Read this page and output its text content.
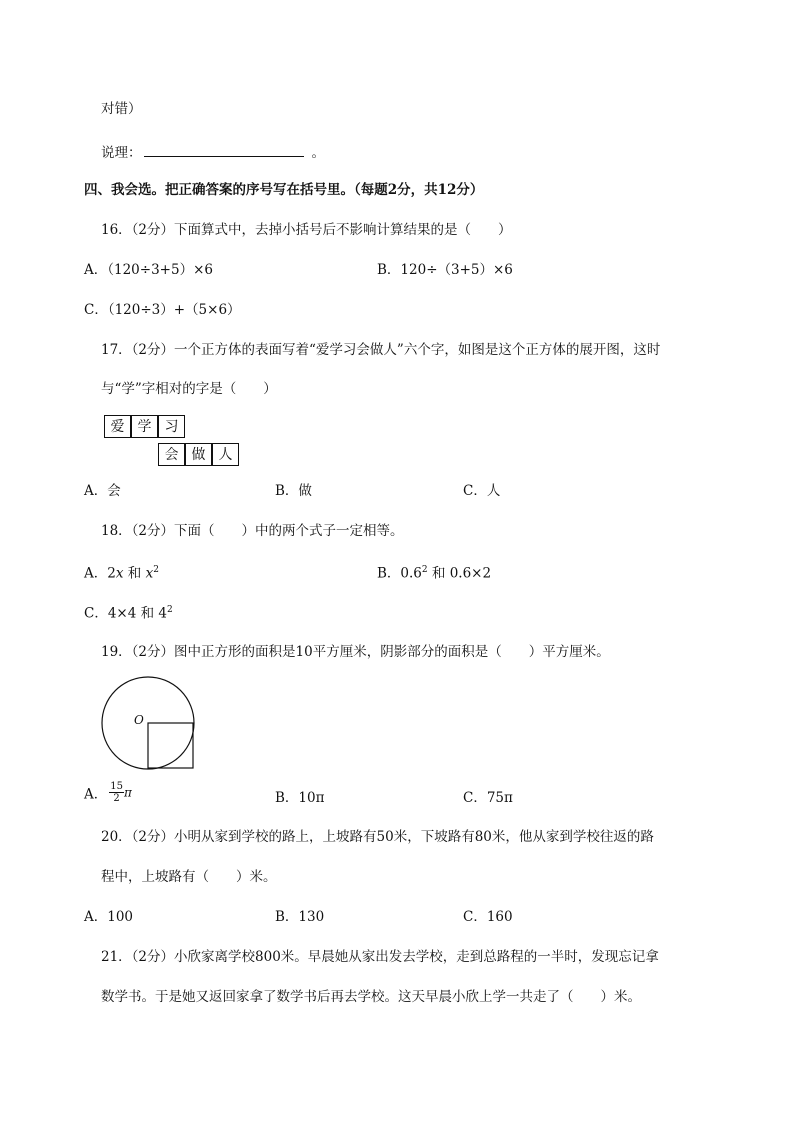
对错）
说理：	。
四、我会选。把正确答案的序号写在括号里。（每题2分，共12分）
16．（2分）下面算式中，去掉小括号后不影响计算结果的是（　　）
A．（120÷3+5）×6	B．120÷（3+5）×6
C．（120÷3）+（5×6）
17．（2分）一个正方体的表面写着“爱学习会做人”六个字，如图是这个正方体的展开图，这时
与“学”字相对的字是（　　）
爱 学 习
会 做 人
A．会	B．做	C．人
18．（2分）下面（　　）中的两个式子一定相等。
A．2x 和 $x^2$	B．$0.6^2$ 和 0.6×2
C．4×4 和 $4^2$
19．（2分）图中正方形的面积是10平方厘米，阴影部分的面积是（　　）平方厘米。
O
A． $\frac{15}{2}$ π	B．10π	C．75π
20．（2分）小明从家到学校的路上，上坡路有50米，下坡路有80米，他从家到学校往返的路
程中，上坡路有（　　）米。
A．100	B．130	C．160
21．（2分）小欣家离学校800米。早晨她从家出发去学校，走到总路程的一半时，发现忘记拿
数学书。于是她又返回家拿了数学书后再去学校。这天早晨小欣上学一共走了（　　）米。
